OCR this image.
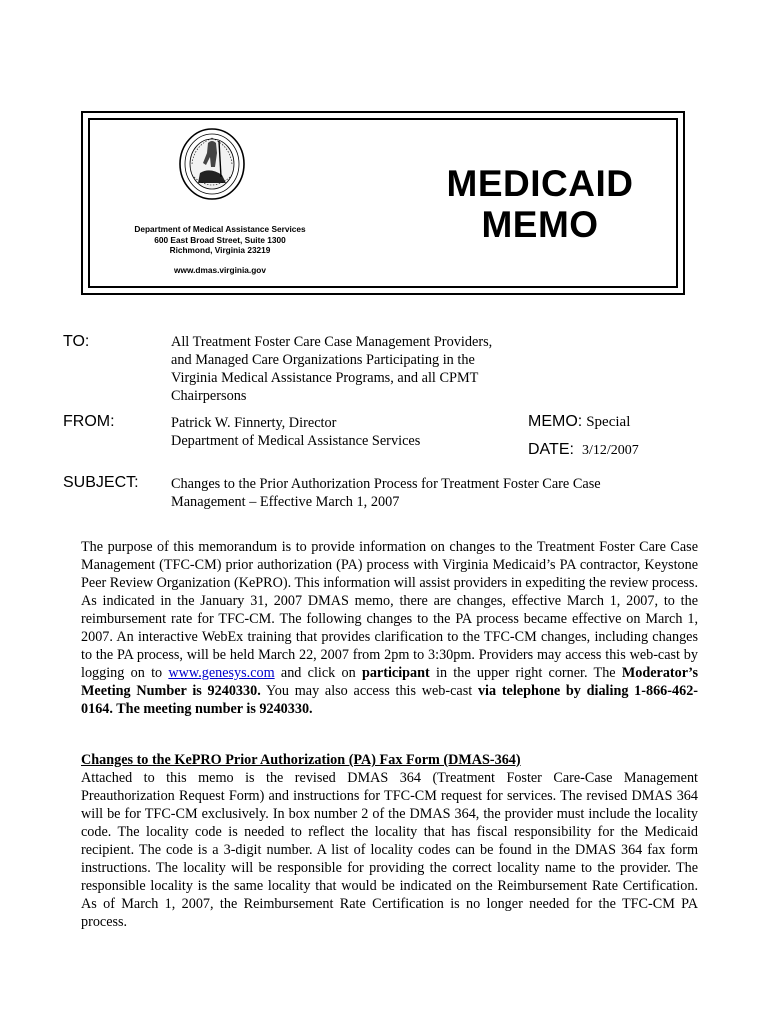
Department of Medical Assistance Services
600 East Broad Street, Suite 1300
Richmond, Virginia 23219
www.dmas.virginia.gov
MEDICAID
MEMO
TO:	All Treatment Foster Care Case Management Providers,
and Managed Care Organizations Participating in the
Virginia Medical Assistance Programs, and all CPMT
Chairpersons
FROM:	Patrick W. Finnerty, Director
Department of Medical Assistance Services
MEMO: Special
DATE: 3/12/2007
SUBJECT: Changes to the Prior Authorization Process for Treatment Foster Care Case
Management – Effective March 1, 2007
The purpose of this memorandum is to provide information on changes to the Treatment Foster Care Case Management (TFC-CM) prior authorization (PA) process with Virginia Medicaid’s PA contractor, Keystone Peer Review Organization (KePRO). This information will assist providers in expediting the review process. As indicated in the January 31, 2007 DMAS memo, there are changes, effective March 1, 2007, to the reimbursement rate for TFC-CM. The following changes to the PA process became effective on March 1, 2007. An interactive WebEx training that provides clarification to the TFC-CM changes, including changes to the PA process, will be held March 22, 2007 from 2pm to 3:30pm. Providers may access this web-cast by logging on to www.genesys.com and click on participant in the upper right corner. The Moderator’s Meeting Number is 9240330. You may also access this web-cast via telephone by dialing 1-866-462-0164. The meeting number is 9240330.
Changes to the KePRO Prior Authorization (PA) Fax Form (DMAS-364)
Attached to this memo is the revised DMAS 364 (Treatment Foster Care-Case Management Preauthorization Request Form) and instructions for TFC-CM request for services. The revised DMAS 364 will be for TFC-CM exclusively. In box number 2 of the DMAS 364, the provider must include the locality code. The locality code is needed to reflect the locality that has fiscal responsibility for the Medicaid recipient. The code is a 3-digit number. A list of locality codes can be found in the DMAS 364 fax form instructions. The locality will be responsible for providing the correct locality name to the provider. The responsible locality is the same locality that would be indicated on the Reimbursement Rate Certification. As of March 1, 2007, the Reimbursement Rate Certification is no longer needed for the TFC-CM PA process.
